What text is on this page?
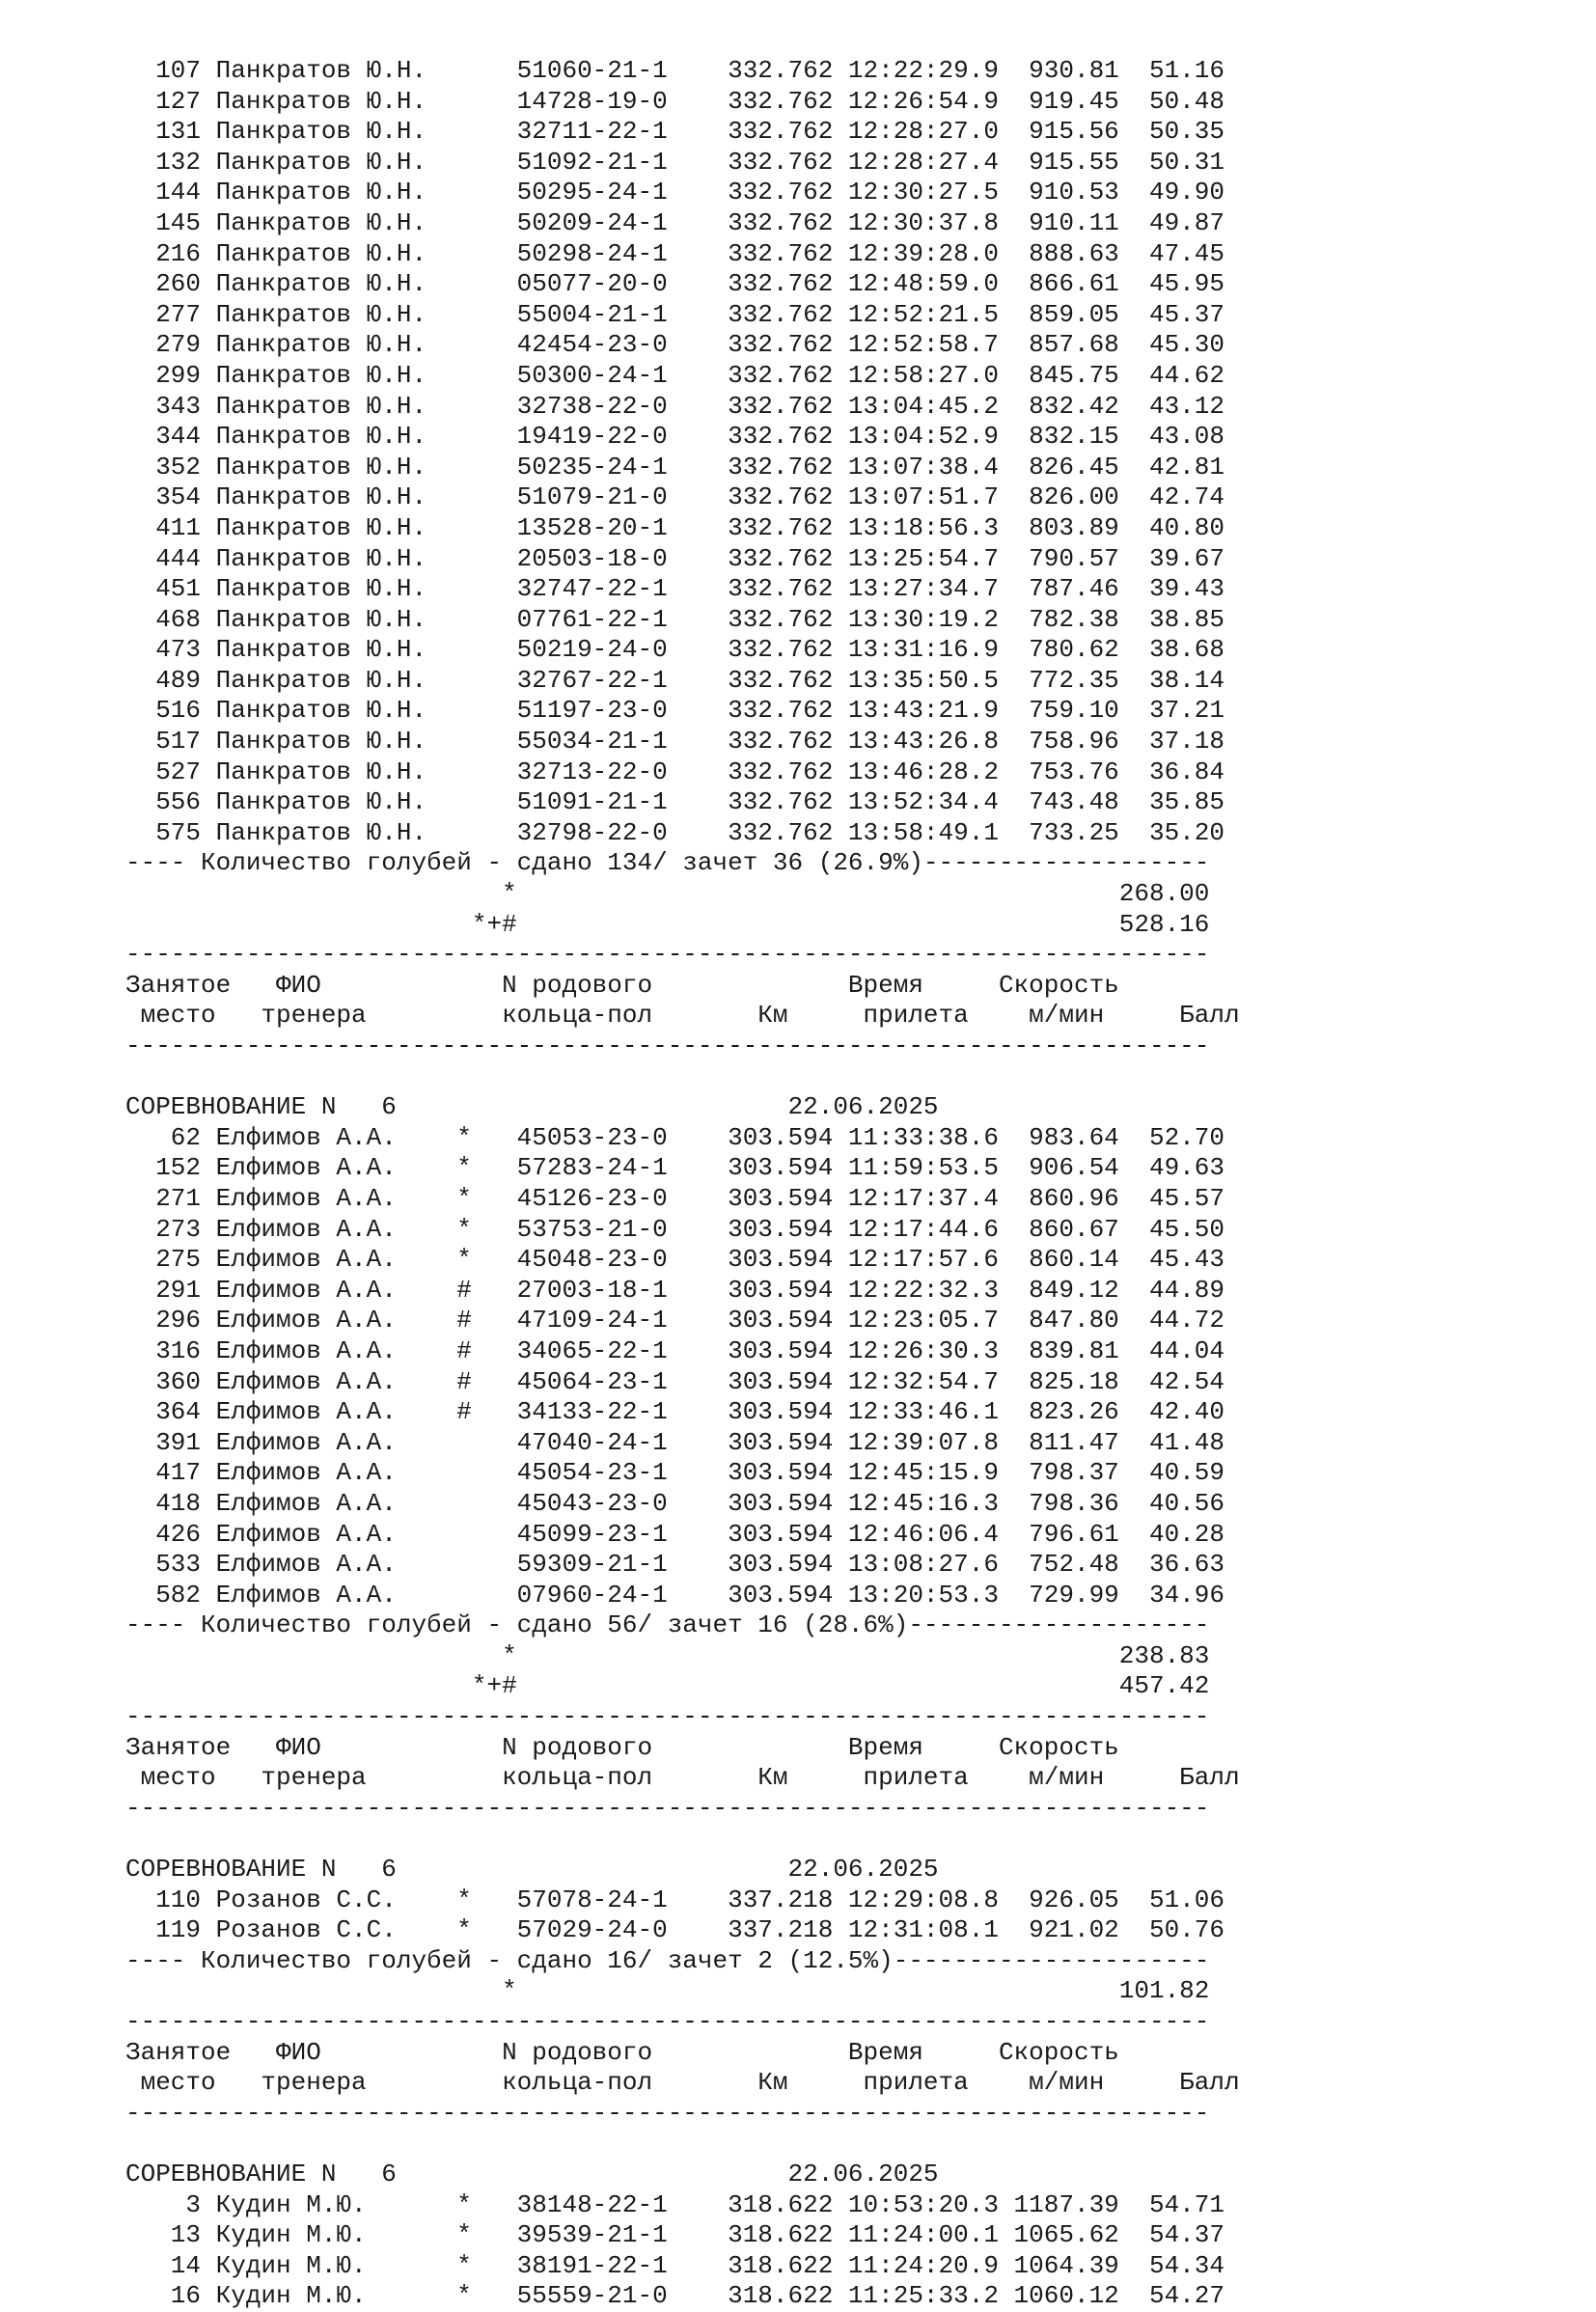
107 Панкратов Ю.Н.      51060-21-1    332.762 12:22:29.9  930.81  51.16
127 Панкратов Ю.Н.      14728-19-0    332.762 12:26:54.9  919.45  50.48
131 Панкратов Ю.Н.      32711-22-1    332.762 12:28:27.0  915.56  50.35
132 Панкратов Ю.Н.      51092-21-1    332.762 12:28:27.4  915.55  50.31
144 Панкратов Ю.Н.      50295-24-1    332.762 12:30:27.5  910.53  49.90
145 Панкратов Ю.Н.      50209-24-1    332.762 12:30:37.8  910.11  49.87
216 Панкратов Ю.Н.      50298-24-1    332.762 12:39:28.0  888.63  47.45
260 Панкратов Ю.Н.      05077-20-0    332.762 12:48:59.0  866.61  45.95
277 Панкратов Ю.Н.      55004-21-1    332.762 12:52:21.5  859.05  45.37
279 Панкратов Ю.Н.      42454-23-0    332.762 12:52:58.7  857.68  45.30
299 Панкратов Ю.Н.      50300-24-1    332.762 12:58:27.0  845.75  44.62
343 Панкратов Ю.Н.      32738-22-0    332.762 13:04:45.2  832.42  43.12
344 Панкратов Ю.Н.      19419-22-0    332.762 13:04:52.9  832.15  43.08
352 Панкратов Ю.Н.      50235-24-1    332.762 13:07:38.4  826.45  42.81
354 Панкратов Ю.Н.      51079-21-0    332.762 13:07:51.7  826.00  42.74
411 Панкратов Ю.Н.      13528-20-1    332.762 13:18:56.3  803.89  40.80
444 Панкратов Ю.Н.      20503-18-0    332.762 13:25:54.7  790.57  39.67
451 Панкратов Ю.Н.      32747-22-1    332.762 13:27:34.7  787.46  39.43
468 Панкратов Ю.Н.      07761-22-1    332.762 13:30:19.2  782.38  38.85
473 Панкратов Ю.Н.      50219-24-0    332.762 13:31:16.9  780.62  38.68
489 Панкратов Ю.Н.      32767-22-1    332.762 13:35:50.5  772.35  38.14
516 Панкратов Ю.Н.      51197-23-0    332.762 13:43:21.9  759.10  37.21
517 Панкратов Ю.Н.      55034-21-1    332.762 13:43:26.8  758.96  37.18
527 Панкратов Ю.Н.      32713-22-0    332.762 13:46:28.2  753.76  36.84
556 Панкратов Ю.Н.      51091-21-1    332.762 13:52:34.4  743.48  35.85
575 Панкратов Ю.Н.      32798-22-0    332.762 13:58:49.1  733.25  35.20
---- Количество голубей - сдано 134/ зачет 36 (26.9%)-------------------
*                                        268.00
*+#                                        528.16
------------------------------------------------------------------------
Занятое   ФИО            N родового             Время     Скорость
место   тренера         кольца-пол       Км     прилета    м/мин     Балл
------------------------------------------------------------------------
СОРЕВНОВАНИЕ N   6                          22.06.2025
62 Елфимов А.А.    *   45053-23-0    303.594 11:33:38.6  983.64  52.70
152 Елфимов А.А.    *   57283-24-1    303.594 11:59:53.5  906.54  49.63
271 Елфимов А.А.    *   45126-23-0    303.594 12:17:37.4  860.96  45.57
273 Елфимов А.А.    *   53753-21-0    303.594 12:17:44.6  860.67  45.50
275 Елфимов А.А.    *   45048-23-0    303.594 12:17:57.6  860.14  45.43
291 Елфимов А.А.    #   27003-18-1    303.594 12:22:32.3  849.12  44.89
296 Елфимов А.А.    #   47109-24-1    303.594 12:23:05.7  847.80  44.72
316 Елфимов А.А.    #   34065-22-1    303.594 12:26:30.3  839.81  44.04
360 Елфимов А.А.    #   45064-23-1    303.594 12:32:54.7  825.18  42.54
364 Елфимов А.А.    #   34133-22-1    303.594 12:33:46.1  823.26  42.40
391 Елфимов А.А.        47040-24-1    303.594 12:39:07.8  811.47  41.48
417 Елфимов А.А.        45054-23-1    303.594 12:45:15.9  798.37  40.59
418 Елфимов А.А.        45043-23-0    303.594 12:45:16.3  798.36  40.56
426 Елфимов А.А.        45099-23-1    303.594 12:46:06.4  796.61  40.28
533 Елфимов А.А.        59309-21-1    303.594 13:08:27.6  752.48  36.63
582 Елфимов А.А.        07960-24-1    303.594 13:20:53.3  729.99  34.96
---- Количество голубей - сдано 56/ зачет 16 (28.6%)--------------------
*                                        238.83
*+#                                        457.42
------------------------------------------------------------------------
Занятое   ФИО            N родового             Время     Скорость
место   тренера         кольца-пол       Км     прилета    м/мин     Балл
------------------------------------------------------------------------
СОРЕВНОВАНИЕ N   6                          22.06.2025
110 Розанов С.С.    *   57078-24-1    337.218 12:29:08.8  926.05  51.06
119 Розанов С.С.    *   57029-24-0    337.218 12:31:08.1  921.02  50.76
---- Количество голубей - сдано 16/ зачет 2 (12.5%)---------------------
*                                        101.82
------------------------------------------------------------------------
Занятое   ФИО            N родового             Время     Скорость
место   тренера         кольца-пол       Км     прилета    м/мин     Балл
------------------------------------------------------------------------
СОРЕВНОВАНИЕ N   6                          22.06.2025
3 Кудин М.Ю.      *   38148-22-1    318.622 10:53:20.3 1187.39  54.71
13 Кудин М.Ю.      *   39539-21-1    318.622 11:24:00.1 1065.62  54.37
14 Кудин М.Ю.      *   38191-22-1    318.622 11:24:20.9 1064.39  54.34
16 Кудин М.Ю.      *   55559-21-0    318.622 11:25:33.2 1060.12  54.27
